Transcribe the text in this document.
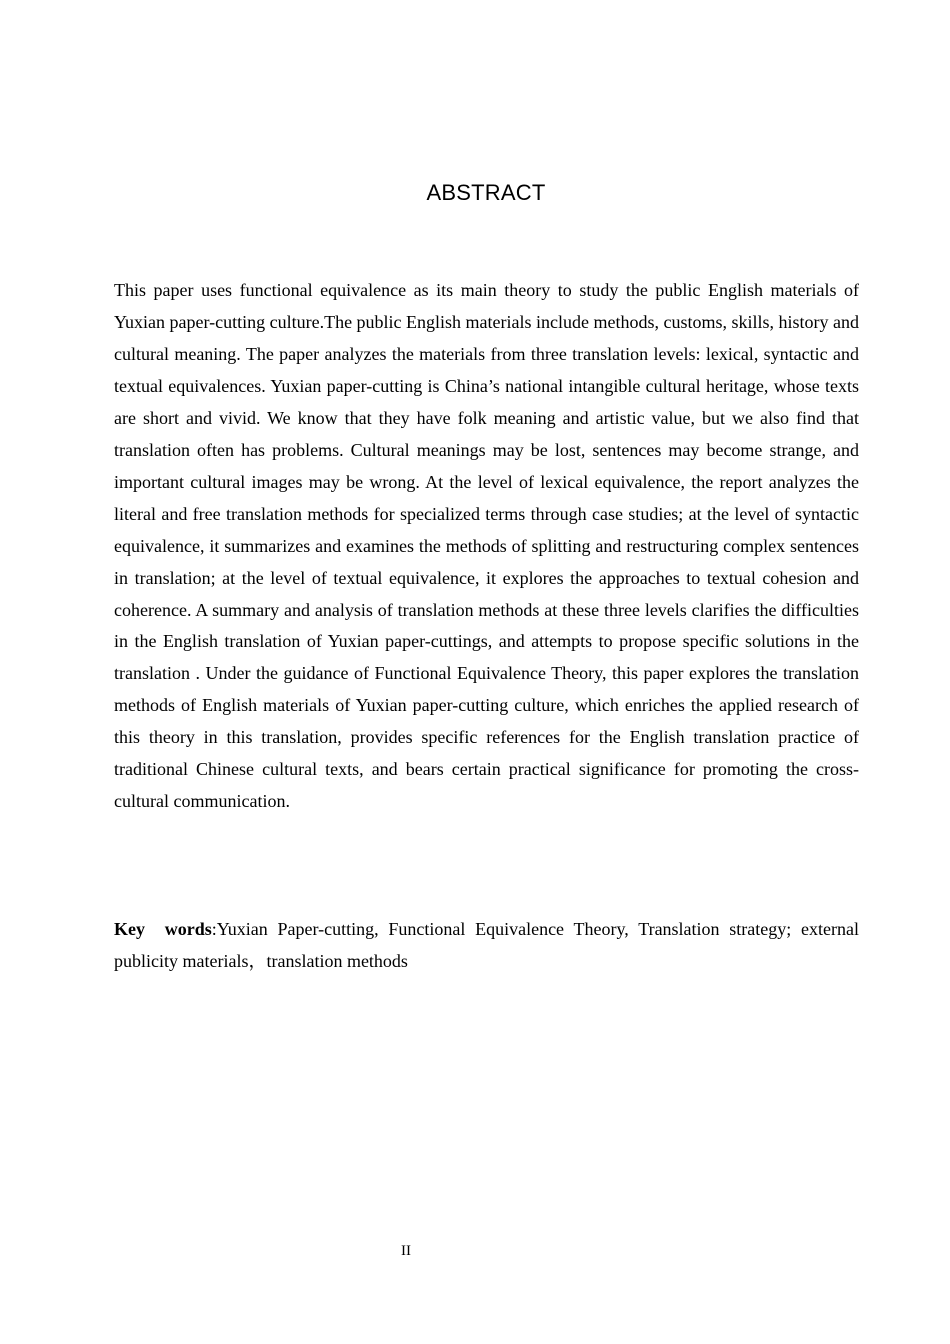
ABSTRACT

This paper uses functional equivalence as its main theory to study the public English materials of Yuxian paper-cutting culture.The public English materials include methods, customs, skills, history and cultural meaning. The paper analyzes the materials from three translation levels: lexical, syntactic and textual equivalences. Yuxian paper-cutting is China’s national intangible cultural heritage, whose texts are short and vivid. We know that they have folk meaning and artistic value, but we also find that translation often has problems. Cultural meanings may be lost, sentences may become strange, and important cultural images may be wrong. At the level of lexical equivalence, the report analyzes the literal and free translation methods for specialized terms through case studies; at the level of syntactic equivalence, it summarizes and examines the methods of splitting and restructuring complex sentences in translation; at the level of textual equivalence, it explores the approaches to textual cohesion and coherence. A summary and analysis of translation methods at these three levels clarifies the difficulties in the English translation of Yuxian paper-cuttings, and attempts to propose specific solutions in the translation . Under the guidance of Functional Equivalence Theory, this paper explores the translation methods of English materials of Yuxian paper-cutting culture, which enriches the applied research of this theory in this translation, provides specific references for the English translation practice of traditional Chinese cultural texts, and bears certain practical significance for promoting the cross-cultural communication.

Key words:Yuxian Paper-cutting, Functional Equivalence Theory, Translation strategy; external publicity materials，translation methods

II
